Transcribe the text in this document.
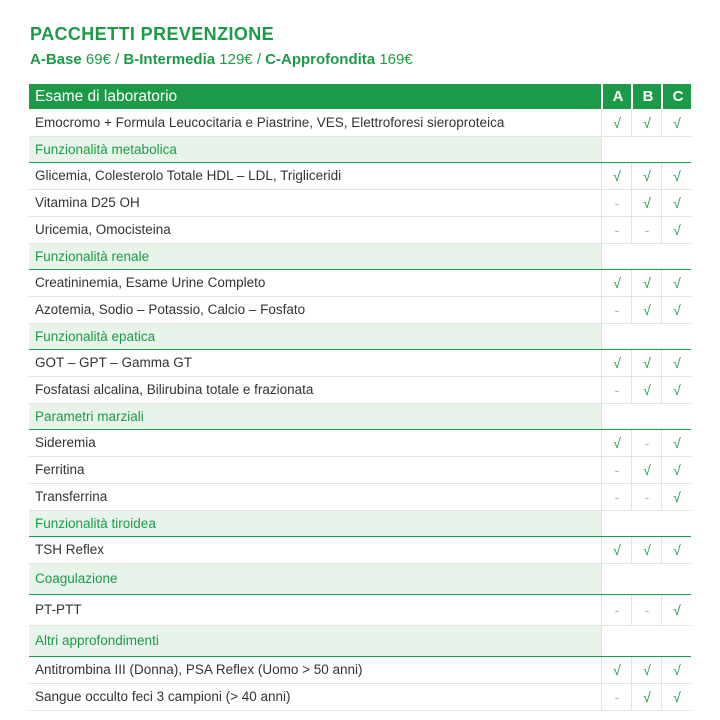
PACCHETTI PREVENZIONE
A-Base 69€ / B-Intermedia 129€ / C-Approfondita 169€
Esame di laboratorio	A	B	C
Emocromo + Formula Leucocitaria e Piastrine, VES, Elettroforesi sieroproteica	√	√	√
Funzionalità metabolica
Glicemia, Colesterolo Totale HDL – LDL, Trigliceridi	√	√	√
Vitamina D25 OH	-	√	√
Uricemia, Omocisteina	-	-	√
Funzionalità renale
Creatininemia, Esame Urine Completo	√	√	√
Azotemia, Sodio – Potassio, Calcio – Fosfato	-	√	√
Funzionalità epatica
GOT – GPT – Gamma GT	√	√	√
Fosfatasi alcalina, Bilirubina totale e frazionata	-	√	√
Parametri marziali
Sideremia	√	-	√
Ferritina	-	√	√
Transferrina	-	-	√
Funzionalità tiroidea
TSH Reflex	√	√	√
Coagulazione
PT-PTT	-	-	√
Altri approfondimenti
Antitrombina III (Donna), PSA Reflex (Uomo > 50 anni)	√	√	√
Sangue occulto feci 3 campioni (> 40 anni)	-	√	√
